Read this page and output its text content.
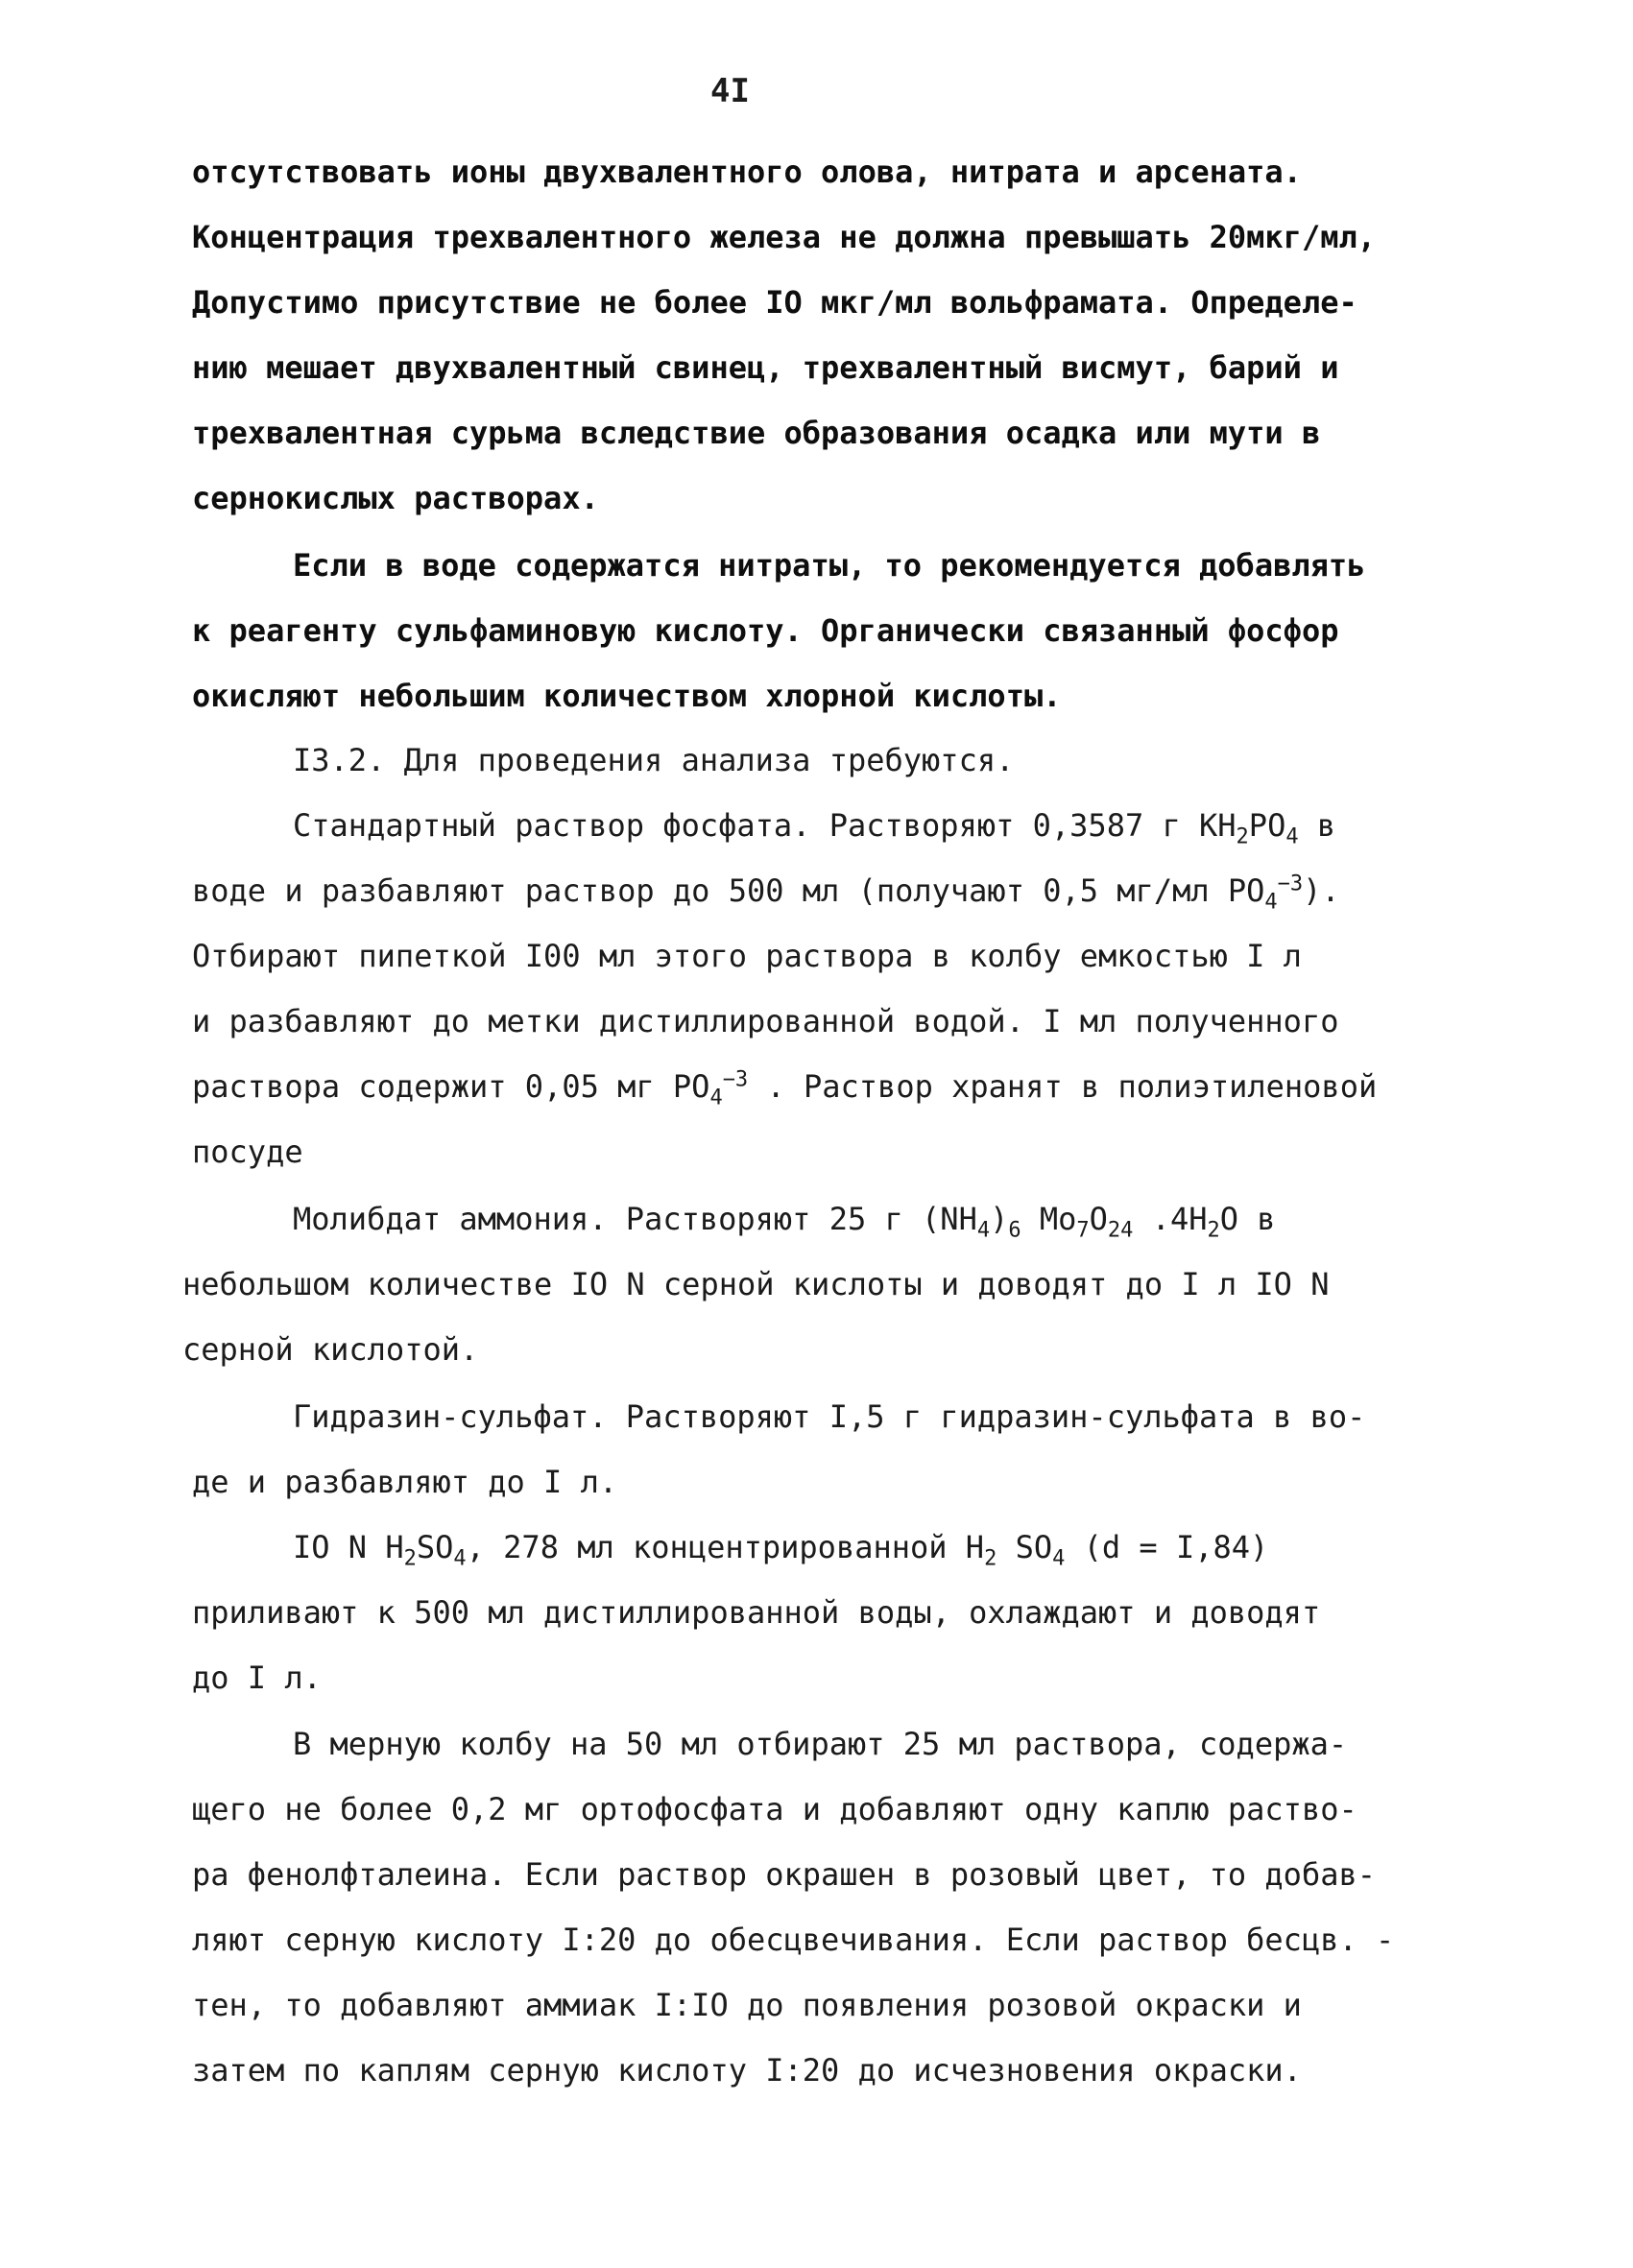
4I
отсутствовать ионы двухвалентного олова, нитрата и арсената.
Концентрация трехвалентного железа не должна превышать 20мкг/мл,
Допустимо присутствие не более IO мкг/мл вольфрамата. Определе-
нию мешает двухвалентный свинец, трехвалентный висмут, барий и
трехвалентная сурьма вследствие образования осадка или мути в
сернокислых растворах.
Если в воде содержатся нитраты, то рекомендуется добавлять
к реагенту сульфаминовую кислоту. Органически связанный фосфор
окисляют небольшим количеством хлорной кислоты.
I3.2. Для проведения анализа требуются.
Стандартный раствор фосфата. Растворяют 0,3587 г $KH_2PO_4$ в
воде и разбавляют раствор до 500 мл (получают 0,5 мг/мл $PO_4^{-3}$).
Отбирают пипеткой I00 мл этого раствора в колбу емкостью I л
и разбавляют до метки дистиллированной водой. I мл полученного
раствора содержит 0,05 мг $PO_4^{-3}$ . Раствор хранят в полиэтиленовой
посуде
Молибдат аммония. Растворяют 25 г $(NH_4)_6$ $Mo_7O_{24}$ $.4H_2O$ в
небольшом количестве IO N серной кислоты и доводят до I л IO N
серной кислотой.
Гидразин-сульфат. Растворяют I,5 г гидразин-сульфата в во-
де и разбавляют до I л.
IO N $H_2SO_4$, 278 мл концентрированной $H_2$ $SO_4$ (d = I,84)
приливают к 500 мл дистиллированной воды, охлаждают и доводят
до I л.
В мерную колбу на 50 мл отбирают 25 мл раствора, содержа-
щего не более 0,2 мг ортофосфата и добавляют одну каплю раство-
ра фенолфталеина. Если раствор окрашен в розовый цвет, то добав-
ляют серную кислоту I:20 до обесцвечивания. Если раствор бесцв. -
тен, то добавляют аммиак I:IO до появления розовой окраски и
затем по каплям серную кислоту I:20 до исчезновения окраски.
